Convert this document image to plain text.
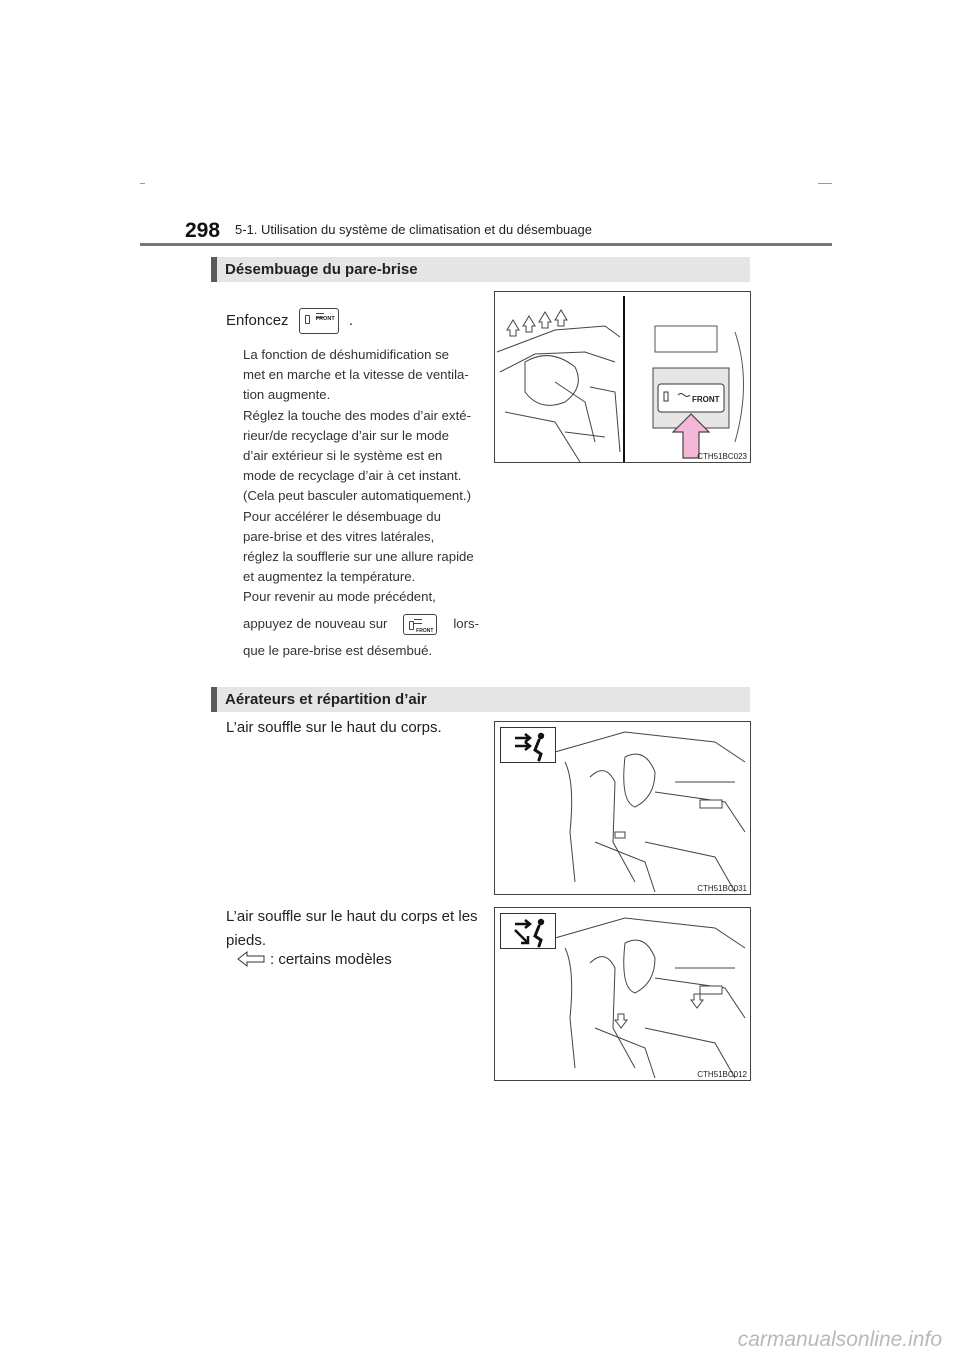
298 5-1. Utilisation du système de climatisation et du désembuage
Désembuage du pare-brise
Enfoncez	FRONT .
La fonction de déshumidification se
met en marche et la vitesse de ventila-
tion augmente.
Réglez la touche des modes d’air exté-
rieur/de recyclage d’air sur le mode
d’air extérieur si le système est en
mode de recyclage d’air à cet instant.
(Cela peut basculer automatiquement.)
Pour accélérer le désembuage du
pare-brise et des vitres latérales,
réglez la soufflerie sur une allure rapide
et augmentez la température.
Pour revenir au mode précédent,
appuyez de nouveau sur	FRONT lors-
que le pare-brise est désembué.
FRONT
CTH51BC023
Aérateurs et répartition d’air
L’air souffle sur le haut du corps.
CTH51BC031
L’air souffle sur le haut du corps et les
pieds.
: certains modèles
CTH51BC012
carmanualsonline.info
